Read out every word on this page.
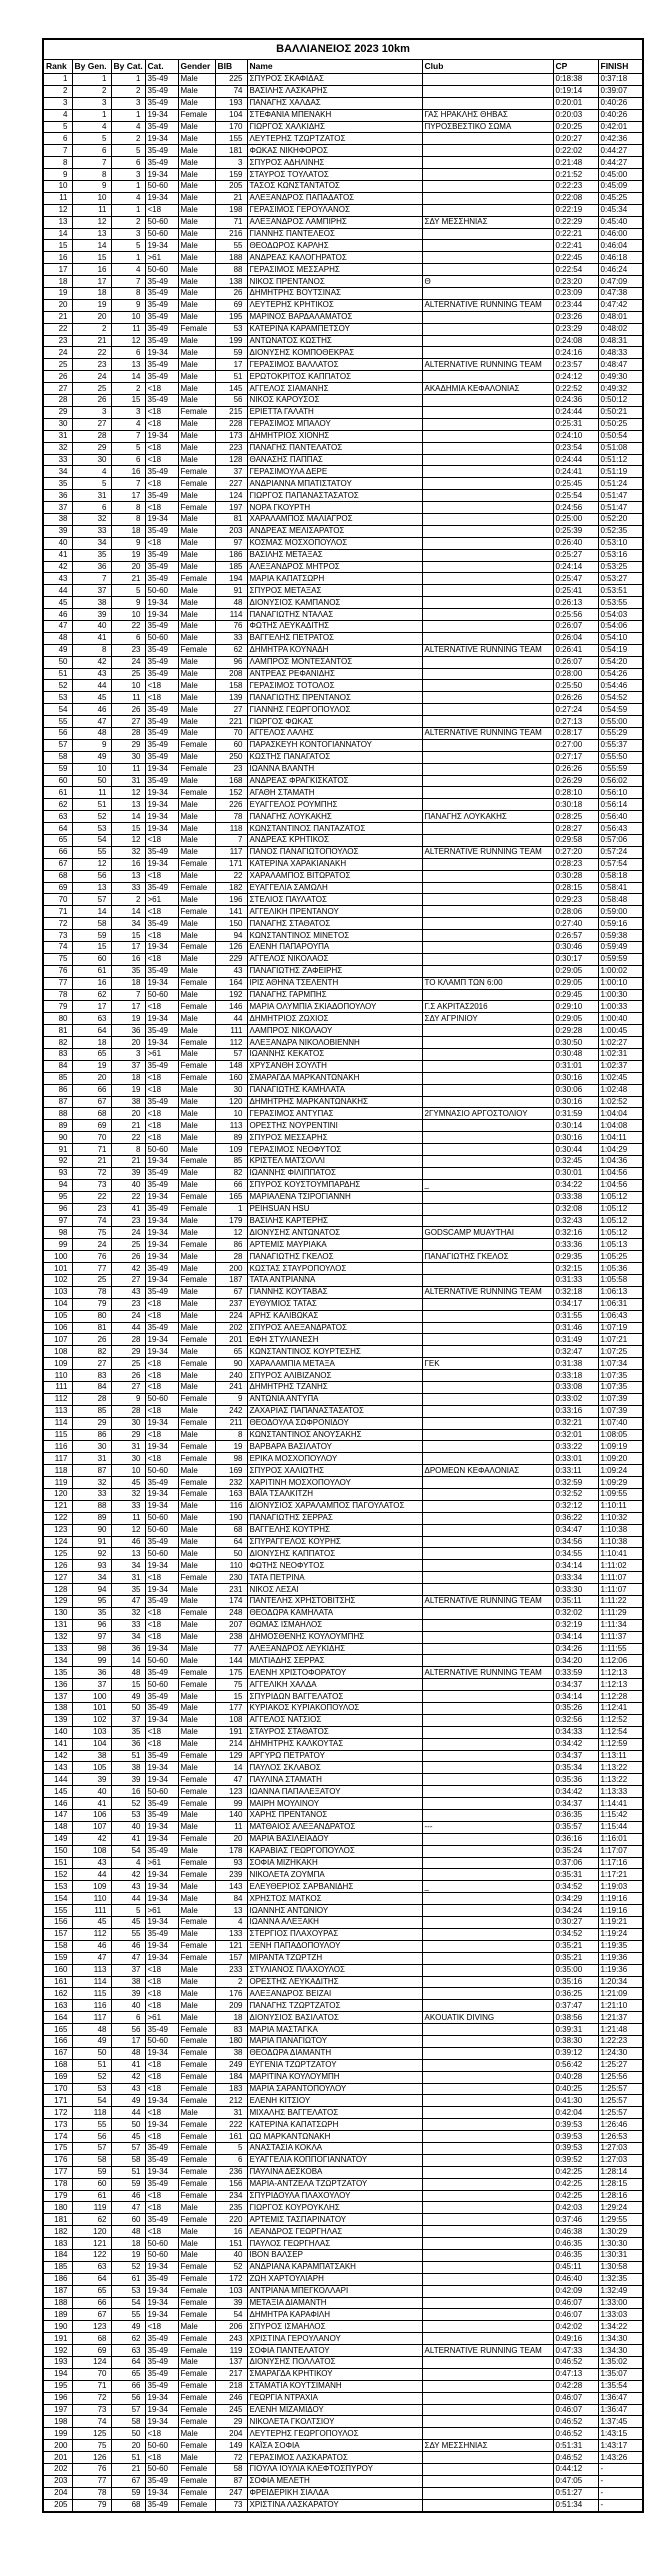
ΒΑΛΛΙΑΝΕΙΟΣ 2023 10km									
Rank	By Gen.	By Cat.	Cat.	Gender	BIB	Name	Club	CP	FINISH
1	1	1	35-49	Male	225	ΣΠΥΡΟΣ ΣΚΑΦΙΔΑΣ		0:18:38	0:37:18
2	2	2	35-49	Male	74	ΒΑΣΙΛΗΣ ΛΑΣΚΑΡΗΣ		0:19:14	0:39:07
3	3	3	35-49	Male	193	ΠΑΝΑΓΗΣ ΧΑΛΔΑΣ		0:20:01	0:40:26
4	1	1	19-34	Female	104	ΣΤΕΦΑΝΙΑ ΜΠΕΝΑΚΗ	ΓΑΣ ΗΡΑΚΛΗΣ ΘΗΒΑΣ	0:20:03	0:40:26
5	4	4	35-49	Male	170	ΓΙΩΡΓΟΣ ΧΑΛΚΙΔΗΣ	ΠΥΡΟΣΒΕΣΤΙΚΟ ΣΩΜΑ	0:20:25	0:42:01
6	5	2	19-34	Male	155	ΛΕΥΤΕΡΗΣ ΤΖΩΡΤΖΑΤΟΣ		0:20:27	0:42:36
7	6	5	35-49	Male	181	ΦΩΚΑΣ ΝΙΚΗΦΟΡΟΣ		0:22:02	0:44:27
8	7	6	35-49	Male	3	ΣΠΥΡΟΣ ΑΔΗΛΙΝΗΣ		0:21:48	0:44:27
9	8	3	19-34	Male	159	ΣΤΑΥΡΟΣ ΤΟΥΛΑΤΟΣ		0:21:52	0:45:00
10	9	1	50-60	Male	205	ΤΑΣΟΣ ΚΩΝΣΤΑΝΤΑΤΟΣ		0:22:23	0:45:09
11	10	4	19-34	Male	21	ΑΛΕΞΑΝΔΡΟΣ ΠΑΠΑΔΑΤΟΣ		0:22:08	0:45:25
12	11	1	<18	Male	198	ΓΕΡΑΣΙΜΟΣ ΓΕΡΟΥΛΑΝΟΣ		0:22:19	0:45:34
13	12	2	50-60	Male	71	ΑΛΕΞΑΝΔΡΟΣ ΛΑΜΠΙΡΗΣ	ΣΔΥ ΜΕΣΣΗΝΙΑΣ	0:22:29	0:45:40
14	13	3	50-60	Male	216	ΓΙΑΝΝΗΣ ΠΑΝΤΕΛΕΟΣ		0:22:21	0:46:00
15	14	5	19-34	Male	55	ΘΕΟΔΩΡΟΣ ΚΑΡΛΗΣ		0:22:41	0:46:04
16	15	1	>61	Male	188	ΑΝΔΡΕΑΣ ΚΑΛΟΓΗΡΑΤΟΣ		0:22:45	0:46:18
17	16	4	50-60	Male	88	ΓΕΡΑΣΙΜΟΣ ΜΕΣΣΑΡΗΣ		0:22:54	0:46:24
18	17	7	35-49	Male	138	ΝΙΚΟΣ ΠΡΕΝΤΑΝΟΣ	Θ	0:23:20	0:47:09
19	18	8	35-49	Male	26	ΔΗΜΗΤΡΗΣ ΒΟΥΤΣΙΝΑΣ		0:23:09	0:47:38
20	19	9	35-49	Male	69	ΛΕΥΤΕΡΗΣ ΚΡΗΤΙΚΟΣ	ALTERNATIVE RUNNING TEAM	0:23:44	0:47:42
21	20	10	35-49	Male	195	ΜΑΡΙΝΟΣ ΒΑΡΔΑΛΑΜΑΤΟΣ		0:23:26	0:48:01
22	2	11	35-49	Female	53	ΚΑΤΕΡΙΝΑ ΚΑΡΑΜΠΕΤΣΟΥ		0:23:29	0:48:02
23	21	12	35-49	Male	199	ΑΝΤΩΝΑΤΟΣ ΚΩΣΤΗΣ		0:24:08	0:48:31
24	22	6	19-34	Male	59	ΔΙΟΝΥΣΗΣ ΚΟΜΠΟΘΕΚΡΑΣ		0:24:16	0:48:33
25	23	13	35-49	Male	17	ΓΕΡΑΣΙΜΟΣ ΒΑΛΛΑΤΟΣ	ALTERNATIVE RUNNING TEAM	0:23:57	0:48:47
26	24	14	35-49	Male	51	ΕΡΩΤΟΚΡΙΤΟΣ ΚΑΠΠΑΤΟΣ		0:24:12	0:49:30
27	25	2	<18	Male	145	ΑΓΓΕΛΟΣ ΣΙΑΜΑΝΗΣ	ΑΚΑΔΗΜΙΑ ΚΕΦΑΛΟΝΙΑΣ	0:22:52	0:49:32
28	26	15	35-49	Male	56	ΝΙΚΟΣ ΚΑΡΟΥΣΟΣ		0:24:36	0:50:12
29	3	3	<18	Female	215	ΕΡΙΕΤΤΑ ΓΑΛΑΤΗ		0:24:44	0:50:21
30	27	4	<18	Male	228	ΓΕΡΑΣΙΜΟΣ ΜΠΑΛΟΥ		0:25:31	0:50:25
31	28	7	19-34	Male	173	ΔΗΜΗΤΡΙΟΣ ΧΙΟΝΗΣ		0:24:10	0:50:54
32	29	5	<18	Male	223	ΠΑΝΑΓΗΣ ΠΑΝΤΕΛΑΤΟΣ		0:23:54	0:51:08
33	30	6	<18	Male	128	ΘΑΝΑΣΗΣ ΠΑΠΠΑΣ		0:24:44	0:51:12
34	4	16	35-49	Female	37	ΓΕΡΑΣΙΜΟΥΛΑ ΔΕΡΕ		0:24:41	0:51:19
35	5	7	<18	Female	227	ΑΝΔΡΙΑΝΝΑ ΜΠΑΤΙΣΤΑΤΟΥ		0:25:45	0:51:24
36	31	17	35-49	Male	124	ΓΙΩΡΓΟΣ ΠΑΠΑΝΑΣΤΑΣΑΤΟΣ		0:25:54	0:51:47
37	6	8	<18	Female	197	ΝΟΡΑ ΓΚΟΥΡΤΗ		0:24:56	0:51:47
38	32	8	19-34	Male	81	ΧΑΡΑΛΑΜΠΟΣ ΜΑΛΙΑΓΡΟΣ		0:25:00	0:52:20
39	33	18	35-49	Male	203	ΑΝΔΡΕΑΣ ΜΕΛΙΣΑΡΑΤΟΣ		0:25:39	0:52:35
40	34	9	<18	Male	97	ΚΟΣΜΑΣ ΜΟΣΧΟΠΟΥΛΟΣ		0:26:40	0:53:10
41	35	19	35-49	Male	186	ΒΑΣΙΛΗΣ ΜΕΤΑΞΑΣ		0:25:27	0:53:16
42	36	20	35-49	Male	185	ΑΛΕΞΑΝΔΡΟΣ ΜΗΤΡΟΣ		0:24:14	0:53:25
43	7	21	35-49	Female	194	ΜΑΡΙΑ ΚΑΠΑΤΣΩΡΗ		0:25:47	0:53:27
44	37	5	50-60	Male	91	ΣΠΥΡΟΣ ΜΕΤΑΞΑΣ		0:25:41	0:53:51
45	38	9	19-34	Male	48	ΔΙΟΝΥΣΙΟΣ ΚΑΜΠΑΝΟΣ		0:26:13	0:53:55
46	39	10	19-34	Male	114	ΠΑΝΑΓΙΩΤΗΣ ΝΤΑΛΑΣ		0:25:56	0:54:03
47	40	22	35-49	Male	76	ΦΩΤΗΣ ΛΕΥΚΑΔΙΤΗΣ		0:26:07	0:54:06
48	41	6	50-60	Male	33	ΒΑΓΓΕΛΗΣ ΠΕΤΡΑΤΟΣ		0:26:04	0:54:10
49	8	23	35-49	Female	62	ΔΗΜΗΤΡΑ ΚΟΥΝΑΔΗ	ALTERNATIVE RUNNING TEAM	0:26:41	0:54:19
50	42	24	35-49	Male	96	ΛΑΜΠΡΟΣ ΜΟΝΤΕΣΑΝΤΟΣ		0:26:07	0:54:20
51	43	25	35-49	Male	208	ΑΝΤΡΕΑΣ ΡΕΦΑΝΙΔΗΣ		0:28:00	0:54:26
52	44	10	<18	Male	158	ΓΕΡΑΣΙΜΟΣ ΤΟΤΟΛΟΣ		0:25:50	0:54:46
53	45	11	<18	Male	139	ΠΑΝΑΓΙΩΤΗΣ ΠΡΕΝΤΑΝΟΣ		0:26:26	0:54:52
54	46	26	35-49	Male	27	ΓΙΑΝΝΗΣ ΓΕΩΡΓΟΠΟΥΛΟΣ		0:27:24	0:54:59
55	47	27	35-49	Male	221	ΓΙΩΡΓΟΣ ΦΩΚΑΣ		0:27:13	0:55:00
56	48	28	35-49	Male	70	ΑΓΓΕΛΟΣ ΛΑΛΗΣ	ALTERNATIVE RUNNING TEAM	0:28:17	0:55:29
57	9	29	35-49	Female	60	ΠΑΡΑΣΚΕΥΗ ΚΟΝΤΟΓΙΑΝΝΑΤΟΥ		0:27:00	0:55:37
58	49	30	35-49	Male	250	ΚΩΣΤΗΣ ΠΑΝΑΓΑΤΟΣ		0:27:17	0:55:50
59	10	11	19-34	Female	23	ΙΩΑΝΝΑ ΒΛΑΝΤΗ		0:26:26	0:55:59
60	50	31	35-49	Male	168	ΑΝΔΡΕΑΣ ΦΡΑΓΚΙΣΚΑΤΟΣ		0:26:29	0:56:02
61	11	12	19-34	Female	152	ΑΓΑΘΗ ΣΤΑΜΑΤΗ		0:28:10	0:56:10
62	51	13	19-34	Male	226	ΕΥΑΓΓΕΛΟΣ ΡΟΥΜΠΗΣ		0:30:18	0:56:14
63	52	14	19-34	Male	78	ΠΑΝΑΓΗΣ ΛΟΥΚΑΚΗΣ	ΠΑΝΑΓΗΣ ΛΟΥΚΑΚΗΣ	0:28:25	0:56:40
64	53	15	19-34	Male	118	ΚΩΝΣΤΑΝΤΙΝΟΣ ΠΑΝΤΑΖΑΤΟΣ		0:28:27	0:56:43
65	54	12	<18	Male	7	ΑΝΔΡΕΑΣ ΚΡΗΤΙΚΟΣ		0:29:58	0:57:06
66	55	32	35-49	Male	117	ΠΑΝΟΣ ΠΑΝΑΓΙΩΤΟΠΟΥΛΟΣ	ALTERNATIVE RUNNING TEAM	0:27:20	0:57:24
67	12	16	19-34	Female	171	ΚΑΤΕΡΙΝΑ ΧΑΡΑΚΙΑΝΑΚΗ		0:28:23	0:57:54
68	56	13	<18	Male	22	ΧΑΡΑΛΑΜΠΟΣ ΒΙΤΩΡΑΤΟΣ		0:30:28	0:58:18
69	13	33	35-49	Female	182	ΕΥΑΓΓΕΛΙΑ ΣΑΜΩΛΗ		0:28:15	0:58:41
70	57	2	>61	Male	196	ΣΤΕΛΙΟΣ ΠΑΥΛΑΤΟΣ		0:29:23	0:58:48
71	14	14	<18	Female	141	ΑΓΓΕΛΙΚΗ ΠΡΕΝΤΑΝΟΥ		0:28:06	0:59:00
72	58	34	35-49	Male	150	ΠΑΝΑΓΗΣ ΣΤΑΘΑΤΟΣ		0:27:40	0:59:16
73	59	15	<18	Male	94	ΚΩΝΣΤΑΝΤΙΝΟΣ ΜΙΝΕΤΟΣ		0:26:57	0:59:38
74	15	17	19-34	Female	126	ΕΛΕΝΗ ΠΑΠΑΡΟΥΠΑ		0:30:46	0:59:49
75	60	16	<18	Male	229	ΑΓΓΕΛΟΣ ΝΙΚΟΛΑΟΣ		0:30:17	0:59:59
76	61	35	35-49	Male	43	ΠΑΝΑΓΙΩΤΗΣ ΖΑΦΕΙΡΗΣ		0:29:05	1:00:02
77	16	18	19-34	Female	164	ΙΡΙΣ ΑΘΗΝΑ ΤΣΕΛΕΝΤΗ	ΤΟ ΚΛΑΜΠ ΤΩΝ 6:00	0:29:05	1:00:10
78	62	7	50-60	Male	192	ΠΑΝΑΓΗΣ ΓΑΡΜΠΗΣ		0:29:45	1:00:30
79	17	17	<18	Female	146	ΜΑΡΙΑ ΟΛΥΜΠΙΑ ΣΚΙΑΔΟΠΟΥΛΟΥ	Γ.Σ ΑΚΡΙΤΑΣ2016	0:29:10	1:00:33
80	63	19	19-34	Male	44	ΔΗΜΗΤΡΙΟΣ ΖΩΧΙΟΣ	ΣΔΥ ΑΓΡΙΝΙΟΥ	0:29:05	1:00:40
81	64	36	35-49	Male	111	ΛΑΜΠΡΟΣ ΝΙΚΟΛΑΟΥ		0:29:28	1:00:45
82	18	20	19-34	Female	112	ΑΛΕΞΑΝΔΡΑ ΝΙΚΟΛΟΒΙΕΝΝΗ		0:30:50	1:02:27
83	65	3	>61	Male	57	ΙΩΑΝΝΗΣ ΚΕΚΑΤΟΣ		0:30:48	1:02:31
84	19	37	35-49	Female	148	ΧΡΥΣΑΝΘΗ ΣΟΥΛΤΗ		0:31:01	1:02:37
85	20	18	<18	Female	160	ΣΜΑΡΑΓΔΑ ΜΑΡΚΑΝΤΩΝΑΚΗ		0:30:16	1:02:45
86	66	19	<18	Male	30	ΠΑΝΑΓΙΩΤΗΣ ΚΑΜΗΛΑΤΑ		0:30:06	1:02:48
87	67	38	35-49	Male	120	ΔΗΜΗΤΡΗΣ ΜΑΡΚΑΝΤΩΝΑΚΗΣ		0:30:16	1:02:52
88	68	20	<18	Male	10	ΓΕΡΑΣΙΜΟΣ ΑΝΤΥΠΑΣ	2ΓΥΜΝΑΣΙΟ ΑΡΓΟΣΤΟΛΙΟΥ	0:31:59	1:04:04
89	69	21	<18	Male	113	ΟΡΕΣΤΗΣ ΝΟΥΡΕΝΤΙΝΙ		0:30:14	1:04:08
90	70	22	<18	Male	89	ΣΠΥΡΟΣ ΜΕΣΣΑΡΗΣ		0:30:16	1:04:11
91	71	8	50-60	Male	109	ΓΕΡΑΣΙΜΟΣ ΝΕΟΦΥΤΟΣ		0:30:44	1:04:29
92	21	21	19-34	Female	85	ΚΡΙΣΤΕΛ ΜΑΤΣΟΛΛΙ		0:32:45	1:04:36
93	72	39	35-49	Male	82	ΙΩΑΝΝΗΣ ΦΙΛΙΠΠΑΤΟΣ		0:30:01	1:04:56
94	73	40	35-49	Male	66	ΣΠΥΡΟΣ ΚΟΥΣΤΟΥΜΠΑΡΔΗΣ	_	0:34:22	1:04:56
95	22	22	19-34	Female	165	ΜΑΡΙΑΛΕΝΑ ΤΣΙΡΟΓΙΑΝΝΗ		0:33:38	1:05:12
96	23	41	35-49	Female	1	PEIHSUAN HSU		0:32:08	1:05:12
97	74	23	19-34	Male	179	ΒΑΣΙΛΗΣ ΚΑΡΤΕΡΗΣ		0:32:43	1:05:12
98	75	24	19-34	Male	12	ΔΙΟΝΥΣΗΣ ΑΝΤΩΝΑΤΟΣ	GODSCAMP MUAYTHAI	0:32:16	1:05:12
99	24	25	19-34	Female	86	ΑΡΤΕΜΙΣ ΜΑΥΡΙΑΚΑ		0:33:36	1:05:13
100	76	26	19-34	Male	28	ΠΑΝΑΓΙΩΤΗΣ ΓΚΕΛΟΣ	ΠΑΝΑΓΙΩΤΗΣ ΓΚΕΛΟΣ	0:29:35	1:05:25
101	77	42	35-49	Male	200	ΚΩΣΤΑΣ ΣΤΑΥΡΟΠΟΥΛΟΣ		0:32:15	1:05:36
102	25	27	19-34	Female	187	ΤΑΤΑ ΑΝΤΡΙΑΝΝΑ		0:31:33	1:05:58
103	78	43	35-49	Male	67	ΓΙΑΝΝΗΣ ΚΟΥΤΑΒΑΣ	ALTERNATIVE RUNNING TEAM	0:32:18	1:06:13
104	79	23	<18	Male	237	ΕΥΘΥΜΙΟΣ ΤΑΤΑΣ		0:34:17	1:06:31
105	80	24	<18	Male	224	ΑΡΗΣ ΚΑΛΙΒΩΚΑΣ		0:31:55	1:06:43
106	81	44	35-49	Male	202	ΣΠΥΡΟΣ ΑΛΕΞΑΝΔΡΑΤΟΣ		0:31:46	1:07:19
107	26	28	19-34	Female	201	ΕΦΗ ΣΤΥΛΙΑΝΕΣΗ		0:31:49	1:07:21
108	82	29	19-34	Male	65	ΚΩΝΣΤΑΝΤΙΝΟΣ ΚΟΥΡΤΕΣΗΣ		0:32:47	1:07:25
109	27	25	<18	Female	90	ΧΑΡΑΛΑΜΠΙΑ ΜΕΤΑΞΑ	ΓΕΚ	0:31:38	1:07:34
110	83	26	<18	Male	240	ΣΠΥΡΟΣ ΑΛΙΒΙΖΑΝΟΣ		0:33:18	1:07:35
111	84	27	<18	Male	241	ΔΗΜΗΤΡΗΣ ΤΖΑΝΗΣ		0:33:08	1:07:35
112	28	9	50-60	Female	9	ΑΝΤΩΝΙΑ ΑΝΤΥΠΑ		0:33:02	1:07:39
113	85	28	<18	Male	242	ΖΑΧΑΡΙΑΣ ΠΑΠΑΝΑΣΤΑΣΑΤΟΣ		0:33:16	1:07:39
114	29	30	19-34	Female	211	ΘΕΟΔΟΥΛΑ ΣΩΦΡΟΝΙΔΟΥ		0:32:21	1:07:40
115	86	29	<18	Male	8	ΚΩΝΣΤΑΝΤΙΝΟΣ ΑΝΟΥΣΑΚΗΣ		0:32:01	1:08:05
116	30	31	19-34	Female	19	ΒΑΡΒΑΡΑ ΒΑΣΙΛΑΤΟΥ		0:33:22	1:09:19
117	31	30	<18	Female	98	ΕΡΙΚΑ ΜΟΣΧΟΠΟΥΛΟΥ		0:33:01	1:09:20
118	87	10	50-60	Male	169	ΣΠΥΡΟΣ ΧΑΛΙΩΤΗΣ	ΔΡΟΜΕΩΝ ΚΕΦΑΛΟΝΙΑΣ	0:33:11	1:09:24
119	32	45	35-49	Female	232	ΧΑΡΙΤΙΝΗ ΜΟΣΧΟΠΟΥΛΟΥ		0:32:59	1:09:29
120	33	32	19-34	Female	163	ΒΑΪΑ ΤΣΑΛΚΙΤΖΗ		0:32:52	1:09:55
121	88	33	19-34	Male	116	ΔΙΟΝΥΣΙΟΣ ΧΑΡΑΛΑΜΠΟΣ ΠΑΓΟΥΛΑΤΟΣ		0:32:12	1:10:11
122	89	11	50-60	Male	190	ΠΑΝΑΓΙΩΤΗΣ ΣΕΡΡΑΣ		0:36:22	1:10:32
123	90	12	50-60	Male	68	ΒΑΓΓΕΛΗΣ ΚΟΥΤΡΗΣ		0:34:47	1:10:38
124	91	46	35-49	Male	64	ΣΠΥΡΑΓΓΕΛΟΣ ΚΟΥΡΗΣ		0:34:56	1:10:38
125	92	13	50-60	Male	50	ΔΙΟΝΥΣΗΣ ΚΑΠΠΑΤΟΣ		0:34:55	1:10:41
126	93	34	19-34	Male	110	ΦΩΤΗΣ ΝΕΟΦΥΤΟΣ		0:34:14	1:11:02
127	34	31	<18	Female	230	ΤΑΤΑ ΠΕΤΡΙΝΑ		0:33:34	1:11:07
128	94	35	19-34	Male	231	ΝΙΚΟΣ ΛΕΣΑΙ		0:33:30	1:11:07
129	95	47	35-49	Male	174	ΠΑΝΤΕΛΗΣ ΧΡΗΣΤΟΒΙΤΣΗΣ	ALTERNATIVE RUNNING TEAM	0:35:11	1:11:22
130	35	32	<18	Female	248	ΘΕΟΔΩΡΑ ΚΑΜΗΛΑΤΑ		0:32:02	1:11:29
131	96	33	<18	Male	207	ΘΩΜΑΣ ΙΣΜΑΗΛΟΣ		0:32:19	1:11:34
132	97	34	<18	Male	238	ΔΗΜΟΣΘΕΝΗΣ ΚΟΥΛΟΥΜΠΗΣ		0:34:14	1:11:37
133	98	36	19-34	Male	77	ΑΛΕΞΑΝΔΡΟΣ ΛΕΥΚΙΔΗΣ		0:34:26	1:11:55
134	99	14	50-60	Male	144	ΜΙΛΤΙΑΔΗΣ ΣΕΡΡΑΣ		0:34:20	1:12:06
135	36	48	35-49	Female	175	ΕΛΕΝΗ ΧΡΙΣΤΟΦΟΡΑΤΟΥ	ALTERNATIVE RUNNING TEAM	0:33:59	1:12:13
136	37	15	50-60	Female	75	ΑΓΓΕΛΙΚΗ ΧΑΛΔΑ		0:34:37	1:12:13
137	100	49	35-49	Male	15	ΣΠΥΡΙΔΩΝ ΒΑΓΓΕΛΑΤΟΣ		0:34:14	1:12:28
138	101	50	35-49	Male	177	ΚΥΡΙΑΚΟΣ ΚΥΡΙΑΚΟΠΟΥΛΟΣ		0:35:26	1:12:41
139	102	37	19-34	Male	108	ΑΓΓΕΛΟΣ ΝΑΤΣΙΟΣ		0:32:56	1:12:52
140	103	35	<18	Male	191	ΣΤΑΥΡΟΣ ΣΤΑΘΑΤΟΣ		0:34:33	1:12:54
141	104	36	<18	Male	214	ΔΗΜΗΤΡΗΣ ΚΑΛΚΟΥΤΑΣ		0:34:42	1:12:59
142	38	51	35-49	Female	129	ΑΡΓΥΡΩ ΠΕΤΡΑΤΟΥ		0:34:37	1:13:11
143	105	38	19-34	Male	14	ΠΑΥΛΟΣ ΣΚΛΑΒΟΣ		0:35:34	1:13:22
144	39	39	19-34	Female	47	ΠΑΥΛΙΝΑ ΣΤΑΜΑΤΗ		0:35:36	1:13:22
145	40	16	50-60	Female	123	ΙΩΑΝΝΑ ΠΑΠΑΛΕΞΑΤΟΥ		0:34:42	1:13:33
146	41	52	35-49	Female	99	ΜΑΙΡΗ ΜΟΥΛΙΝΟΥ		0:34:37	1:14:41
147	106	53	35-49	Male	140	ΧΑΡΗΣ ΠΡΕΝΤΑΝΟΣ		0:36:35	1:15:42
148	107	40	19-34	Male	11	ΜΑΤΘΑΙΟΣ ΑΛΕΞΑΝΔΡΑΤΟΣ	---	0:35:57	1:15:44
149	42	41	19-34	Female	20	ΜΑΡΙΑ ΒΑΣΙΛΕΙΑΔΟΥ		0:36:16	1:16:01
150	108	54	35-49	Male	178	ΚΑΡΑΒΙΑΣ ΓΕΩΡΓΟΠΟΥΛΟΣ		0:35:24	1:17:07
151	43	4	>61	Female	93	ΣΟΦΙΑ ΜΙΖΗΚΑΚΗ		0:37:06	1:17:16
152	44	42	19-34	Female	239	ΝΙΚΟΛΕΤΑ ΖΟΥΜΠΑ		0:35:31	1:17:21
153	109	43	19-34	Male	143	ΕΛΕΥΘΕΡΙΟΣ ΣΑΡΒΑΝΙΔΗΣ	_	0:34:52	1:19:03
154	110	44	19-34	Male	84	ΧΡΗΣΤΟΣ ΜΑΤΚΟΣ		0:34:29	1:19:16
155	111	5	>61	Male	13	ΙΩΑΝΝΗΣ ΑΝΤΩΝΙΟΥ		0:34:24	1:19:16
156	45	45	19-34	Female	4	ΙΩΑΝΝΑ ΑΛΕΞΑΚΗ		0:30:27	1:19:21
157	112	55	35-49	Male	133	ΣΤΕΡΓΙΟΣ ΠΛΑΧΟΥΡΑΣ		0:34:52	1:19:24
158	46	46	19-34	Female	121	ΞΕΝΗ ΠΑΠΑΔΟΠΟΥΛΟΥ		0:35:21	1:19:35
159	47	47	19-34	Female	157	ΜΙΡΑΝΤΑ ΤΖΩΡΤΖΗ		0:35:21	1:19:36
160	113	37	<18	Male	233	ΣΤΥΛΙΑΝΟΣ ΠΛΑΧΟΥΛΟΣ		0:35:00	1:19:36
161	114	38	<18	Male	2	ΟΡΕΣΤΗΣ ΛΕΥΚΑΔΙΤΗΣ		0:35:16	1:20:34
162	115	39	<18	Male	176	ΑΛΕΞΑΝΔΡΟΣ ΒΕΙΖΑΙ		0:36:25	1:21:09
163	116	40	<18	Male	209	ΠΑΝΑΓΗΣ ΤΖΩΡΤΖΑΤΟΣ		0:37:47	1:21:10
164	117	6	>61	Male	18	ΔΙΟΝΥΣΙΟΣ ΒΑΣΙΛΑΤΟΣ	AKOUATIK DIVING	0:38:56	1:21:37
165	48	56	35-49	Female	83	ΜΑΡΙΑ ΜΑΣΤΑΓΚΑ		0:39:31	1:21:48
166	49	17	50-60	Female	180	ΜΑΡΙΑ ΠΑΝΑΓΙΩΤΟΥ		0:38:30	1:22:23
167	50	48	19-34	Female	38	ΘΕΟΔΩΡΑ ΔΙΑΜΑΝΤΗ		0:39:12	1:24:30
168	51	41	<18	Female	249	ΕΥΓΕΝΙΑ ΤΖΩΡΤΖΑΤΟΥ		0:56:42	1:25:27
169	52	42	<18	Female	184	ΜΑΡΙΤΙΝΑ ΚΟΥΛΟΥΜΠΗ		0:40:28	1:25:56
170	53	43	<18	Female	183	ΜΑΡΙΑ ΣΑΡΑΝΤΟΠΟΥΛΟΥ		0:40:25	1:25:57
171	54	49	19-34	Female	212	ΕΛΕΝΗ ΚΙΤΣΙΟΥ		0:41:30	1:25:57
172	118	44	<18	Male	31	ΜΙΧΑΛΗΣ ΒΑΓΓΕΛΑΤΟΣ		0:42:04	1:25:57
173	55	50	19-34	Female	222	ΚΑΤΕΡΙΝΑ ΚΑΠΑΤΣΩΡΗ		0:39:53	1:26:46
174	56	45	<18	Female	161	ΩΩ ΜΑΡΚΑΝΤΩΝΑΚΗ		0:39:53	1:26:53
175	57	57	35-49	Female	5	ΑΝΑΣΤΑΣΙΑ ΚΟΚΛΑ		0:39:53	1:27:03
176	58	58	35-49	Female	6	ΕΥΑΓΓΕΛΙΑ ΚΟΠΠΟΓΙΑΝΝΑΤΟΥ		0:39:52	1:27:03
177	59	51	19-34	Female	236	ΠΑΥΛΙΝΑ ΔΕΣΚΟΒΑ		0:42:25	1:28:14
178	60	59	35-49	Female	156	ΜΑΡΙΑ-ΑΝΤΖΕΛΑ ΤΖΩΡΤΖΑΤΟΥ		0:42:25	1:28:15
179	61	46	<18	Female	234	ΣΠΥΡΙΔΟΥΛΑ ΠΛΑΧΟΥΛΟΥ		0:42:25	1:28:16
180	119	47	<18	Male	235	ΓΙΩΡΓΟΣ ΚΟΥΡΟΥΚΛΗΣ		0:42:03	1:29:24
181	62	60	35-49	Female	220	ΑΡΤΕΜΙΣ ΤΑΣΠΑΡΙΝΑΤΟΥ		0:37:46	1:29:55
182	120	48	<18	Male	16	ΛΕΑΝΔΡΟΣ ΓΕΩΡΓΗΛΑΣ		0:46:38	1:30:29
183	121	18	50-60	Male	151	ΠΑΥΛΟΣ ΓΕΩΡΓΗΛΑΣ		0:46:35	1:30:30
184	122	19	50-60	Male	40	ΙΒΟΝ ΒΑΛΣΕΡ		0:46:35	1:30:31
185	63	52	19-34	Female	52	ΑΝΔΡΙΑΝΑ ΚΑΡΑΜΠΑΤΣΑΚΗ		0:45:11	1:30:58
186	64	61	35-49	Female	172	ΖΩΗ ΧΑΡΤΟΥΛΙΑΡΗ		0:46:40	1:32:35
187	65	53	19-34	Female	103	ΑΝΤΡΙΑΝΑ ΜΠΕΓΚΟΛΛΑΡΙ		0:42:09	1:32:49
188	66	54	19-34	Female	39	ΜΕΤΑΞΙΑ ΔΙΑΜΑΝΤΗ		0:46:07	1:33:00
189	67	55	19-34	Female	54	ΔΗΜΗΤΡΑ ΚΑΡΑΦΙΛΗ		0:46:07	1:33:03
190	123	49	<18	Male	206	ΣΠΥΡΟΣ ΙΣΜΑΗΛΟΣ		0:42:02	1:34:22
191	68	62	35-49	Female	243	ΧΡΙΣΤΙΝΑ ΓΕΡΟΥΛΑΝΟΥ		0:49:16	1:34:30
192	69	63	35-49	Female	119	ΣΟΦΙΑ ΠΑΝΤΕΛΑΤΟΥ	ALTERNATIVE RUNNING TEAM	0:47:33	1:34:30
193	124	64	35-49	Male	137	ΔΙΟΝΥΣΗΣ ΠΟΛΛΑΤΟΣ		0:46:52	1:35:02
194	70	65	35-49	Female	217	ΣΜΑΡΑΓΔΑ ΚΡΗΤΙΚΟΥ		0:47:13	1:35:07
195	71	66	35-49	Female	218	ΣΤΑΜΑΤΙΑ ΚΟΥΤΣΙΜΑΝΗ		0:42:28	1:35:54
196	72	56	19-34	Female	246	ΓΕΩΡΓΙΑ ΝΤΡΑΧΙΑ		0:46:07	1:36:47
197	73	57	19-34	Female	245	ΕΛΕΝΗ ΜΙΖΑΜΙΔΟΥ		0:46:07	1:36:47
198	74	58	19-34	Female	29	ΝΙΚΟΛΕΤΑ ΓΚΟΛΤΣΙΟΥ		0:46:52	1:37:45
199	125	50	<18	Male	204	ΛΕΥΤΕΡΗΣ ΓΕΩΡΓΟΠΟΥΛΟΣ		0:46:52	1:43:15
200	75	20	50-60	Female	149	ΚΑΪΣΑ ΣΟΦΙΑ	ΣΔΥ ΜΕΣΣΗΝΙΑΣ	0:51:31	1:43:17
201	126	51	<18	Male	72	ΓΕΡΑΣΙΜΟΣ ΛΑΣΚΑΡΑΤΟΣ		0:46:52	1:43:26
202	76	21	50-60	Female	58	ΓΙΟΥΛΑ ΙΟΥΛΙΑ ΚΛΕΦΤΟΣΠΥΡΟΥ		0:44:12	-
203	77	67	35-49	Female	87	ΣΟΦΙΑ ΜΕΛΕΤΗ		0:47:05	-
204	78	59	19-34	Female	247	ΦΡΕΙΔΕΡΙΚΗ ΣΙΑΛΔΑ		0:51:27	-
205	79	68	35-49	Female	73	ΧΡΙΣΤΙΝΑ ΛΑΣΚΑΡΑΤΟΥ		0:51:34	-
